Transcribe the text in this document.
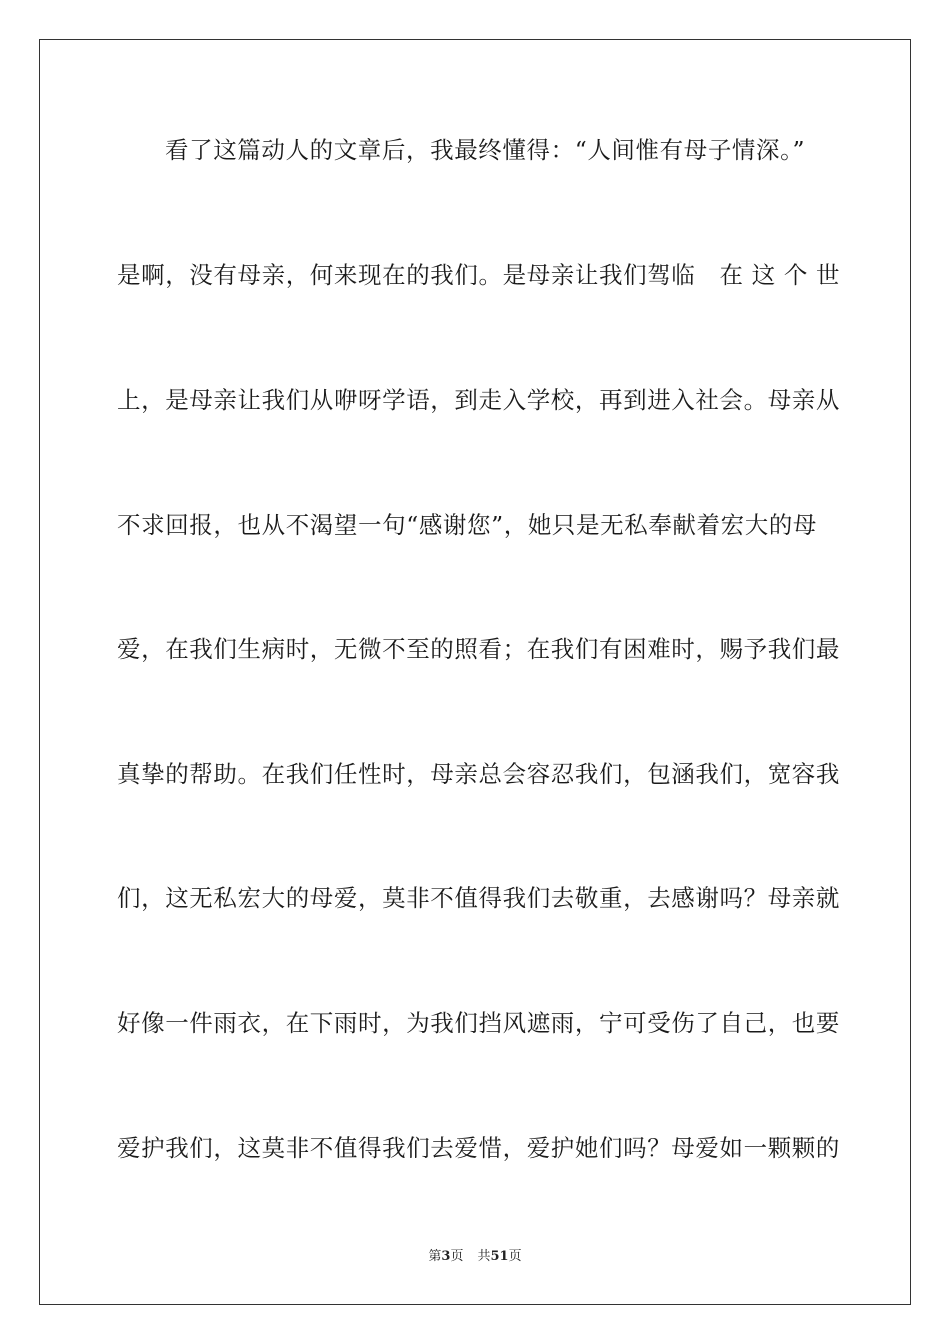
看了这篇动人的文章后，我最终懂得：“人间惟有母子情深。”
是啊，没有母亲，何来现在的我们。是母亲让我们驾临　在 这 个 世
上，是母亲让我们从咿呀学语，到走入学校，再到进入社会。母亲从
不求回报，也从不渴望一句“感谢您”，她只是无私奉献着宏大的母
爱，在我们生病时，无微不至的照看；在我们有困难时，赐予我们最
真挚的帮助。在我们任性时，母亲总会容忍我们，包涵我们，宽容我
们，这无私宏大的母爱，莫非不值得我们去敬重，去感谢吗？母亲就
好像一件雨衣，在下雨时，为我们挡风遮雨，宁可受伤了自己，也要
爱护我们，这莫非不值得我们去爱惜，爱护她们吗？母爱如一颗颗的
第3页 共51页
